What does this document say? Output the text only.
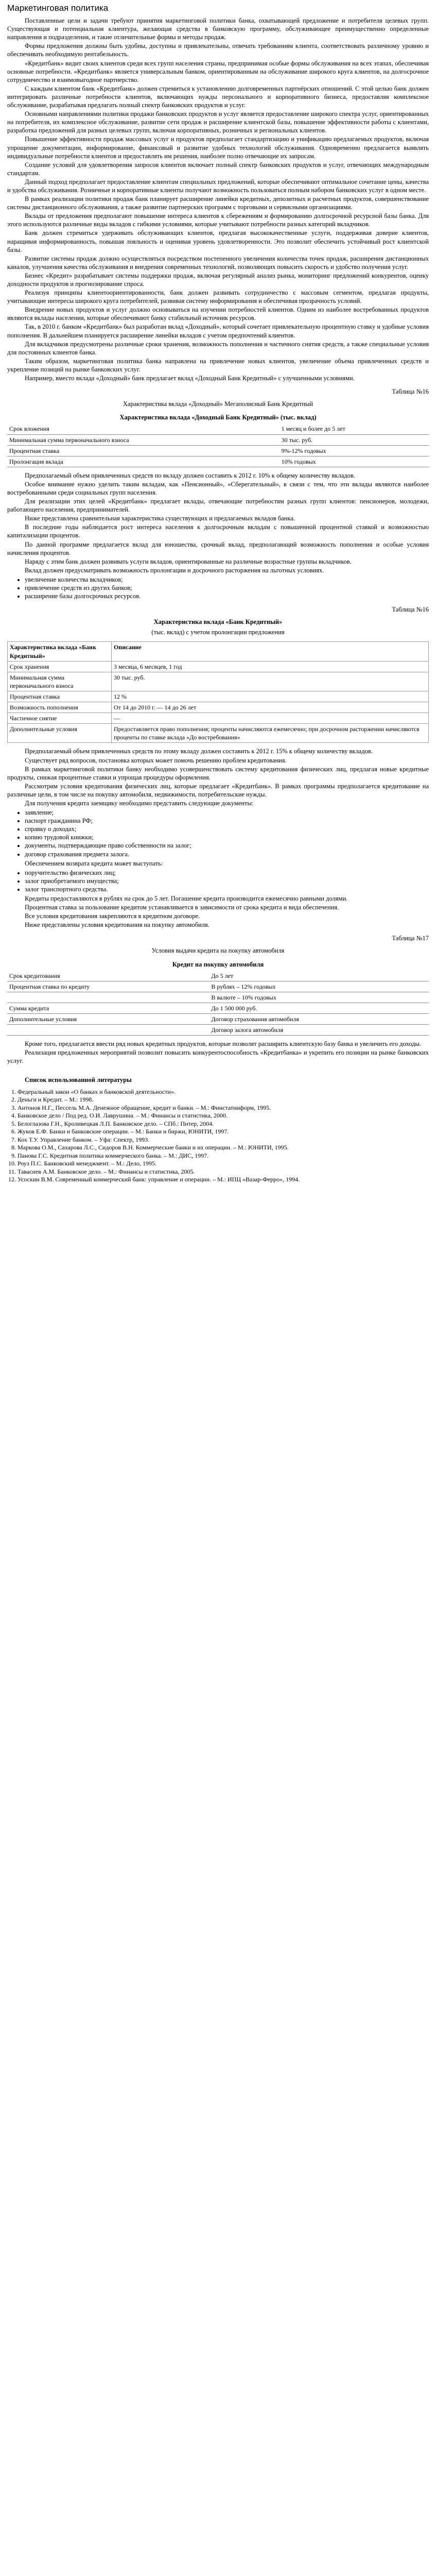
Маркетинговая политика

Поставленные цели и задачи требуют принятия маркетинговой политики банка, охватывающей предложение и потребителя целевых групп. Существующая и потенциальная клиентура, желающая средства в банковскую программу, обслуживающее преимущественно определенные направления и подразделения, и такие отличительные формы и методы продаж.

Формы предложения должны быть удобны, доступны и привлекательны, отвечать требованиям клиента, соответствовать различному уровню и обеспечивать необходимую рентабельность.

«Кредитбанк» видит своих клиентов среди всех групп населения страны, предпринимая особые формы обслуживания на всех этапах, обеспечивая основные потребности. «Кредитбанк» является универсальным банком, ориентированным на обслуживание широкого круга клиентов, на долгосрочное сотрудничество и взаимовыгодное партнерство.

С каждым клиентом банк «Кредитбанк» должен стремиться к установлению долговременных партнёрских отношений. С этой целью банк должен интегрировать различные потребности клиентов, включающих нужды персонального и корпоративного бизнеса, предоставляя комплексное обслуживание, разрабатывая предлагать полный спектр банковских продуктов и услуг.

Основными направлениями политики продажи банковских продуктов и услуг является предоставление широкого спектра услуг, ориентированных на потребителя, их комплексное обслуживание, развитие сети продаж и расширение клиентской базы, повышение эффективности работы с клиентами, разработка предложений для разных целевых групп, включая корпоративных, розничных и региональных клиентов.

Повышение эффективности продаж массовых услуг и продуктов предполагает стандартизацию и унификацию предлагаемых продуктов, включая упрощение документации, информирование, финансовый и развитие удобных технологий обслуживания. Одновременно предлагается выявлять индивидуальные потребности клиентов и предоставлять им решения, наиболее полно отвечающие их запросам.

Создание условий для удовлетворения запросов клиентов включает полный спектр банковских продуктов и услуг, отвечающих международным стандартам.

Данный подход предполагает предоставление клиентам специальных предложений, которые обеспечивают оптимальное сочетание цены, качества и удобства обслуживания. Розничные и корпоративные клиенты получают возможность пользоваться полным набором банковских услуг в одном месте.

В рамках реализации политики продаж банк планирует расширение линейки кредитных, депозитных и расчетных продуктов, совершенствование системы дистанционного обслуживания, а также развитие партнерских программ с торговыми и сервисными организациями.

Вклады от предложения предполагают повышение интереса клиентов к сбережениям и формированию долгосрочной ресурсной базы банка. Для этого используются различные виды вкладов с гибкими условиями, которые учитывают потребности разных категорий вкладчиков.

Банк должен стремиться удерживать обслуживающих клиентов, предлагая высококачественные услуги, поддерживая доверие клиентов, наращивая информированность, повышая лояльность и оценивая уровень удовлетворенности. Это позволит обеспечить устойчивый рост клиентской базы.

Развитие системы продаж должно осуществляться посредством постепенного увеличения количества точек продаж, расширения дистанционных каналов, улучшения качества обслуживания и внедрения современных технологий, позволяющих повысить скорость и удобство получения услуг.

Бизнес «Кредит» разрабатывает системы поддержки продаж, включая регулярный анализ рынка, мониторинг предложений конкурентов, оценку доходности продуктов и прогнозирование спроса.

Реализуя принципы клиентоориентированности, банк должен развивать сотрудничество с массовым сегментом, предлагая продукты, учитывающие интересы широкого круга потребителей, развивая систему информирования и обеспечивая прозрачность условий.

Внедрение новых продуктов и услуг должно основываться на изучении потребностей клиентов. Одним из наиболее востребованных продуктов являются вклады населения, которые обеспечивают банку стабильный источник ресурсов.

Так, в 2010 г. банком «Кредитбанк» был разработан вклад «Доходный», который сочетает привлекательную процентную ставку и удобные условия пополнения. В дальнейшем планируется расширение линейки вкладов с учетом предпочтений клиентов.

Для вкладчиков предусмотрены различные сроки хранения, возможность пополнения и частичного снятия средств, а также специальные условия для постоянных клиентов банка.

Таким образом, маркетинговая политика банка направлена на привлечение новых клиентов, увеличение объема привлеченных средств и укрепление позиций на рынке банковских услуг.

Например, вместо вклада «Доходный» банк предлагает вклад «Доходный Банк Кредитный» с улучшенными условиями.

Таблица №16

Характеристика вклада «Доходный» Мегаполисный Банк Кредитный

Характеристика вклада «Доходный Банк Кредитный» (тыс. вклад)
Срок вложения	1 месяц и более до 5 лет
Минимальная сумма первоначального взноса	30 тыс. руб.
Процентная ставка	9%-12% годовых
Пролонгация вклада	10% годовых

Предполагаемый объем привлеченных средств по вкладу должен составить к 2012 г. 10% к общему количеству вкладов.

Особое внимание нужно уделить таким вкладам, как «Пенсионный», «Сберегательный», в связи с тем, что эти вклады являются наиболее востребованными среди социальных групп населения.

Для реализации этих целей «Кредитбанк» предлагает вклады, отвечающие потребностям разных групп клиентов: пенсионеров, молодежи, работающего населения, предпринимателей.

Ниже представлена сравнительная характеристика существующих и предлагаемых вкладов банка.

В последние годы наблюдается рост интереса населения к долгосрочным вкладам с повышенной процентной ставкой и возможностью капитализации процентов.

По данной программе предлагается вклад для юношества, срочный вклад, предполагающий возможность пополнения и особые условия начисления процентов.

Наряду с этим банк должен развивать услуги вкладов, ориентированные на различные возрастные группы вкладчиков.

Вклад должен предусматривать возможность пролонгации и досрочного расторжения на льготных условиях.

• увеличение количества вкладчиков;
• привлечение средств из других банков;
• расширение базы долгосрочных ресурсов.

Таблица №16

Характеристика вклада «Банк Кредитный»

(тыс. вклад) с учетом пролонгации предложения

Характеристика вклада «Банк Кредитный»	Описание
Срок хранения	3 месяца, 6 месяцев, 1 год
Минимальная сумма первоначального взноса	30 тыс. руб.
Процентная ставка	12 %
Возможность пополнения	От 14 до 2010 г. — 14 до 26 лет
Частичное снятие	—
Дополнительные условия	Предоставляется право пополнения; проценты начисляются ежемесячно; при досрочном расторжении начисляются проценты по ставке вклада «До востребования»

Предполагаемый объем привлеченных средств по этому вкладу должен составить к 2012 г. 15% к общему количеству вкладов.

Существует ряд вопросов, постановка которых может помочь решению проблем кредитования.

В рамках маркетинговой политики банку необходимо усовершенствовать систему кредитования физических лиц, предлагая новые кредитные продукты, снижая процентные ставки и упрощая процедуры оформления.

Рассмотрим условия кредитования физических лиц, которые предлагает «Кредитбанк». В рамках программы предполагается кредитование на различные цели, в том числе на покупку автомобиля, недвижимости, потребительские нужды.

Для получения кредита заемщику необходимо представить следующие документы:

• заявление;
• паспорт гражданина РФ;
• справку о доходах;
• копию трудовой книжки;
• документы, подтверждающие право собственности на залог;
• договор страхования предмета залога.

Обеспечением возврата кредита может выступать:

• поручительство физических лиц;
• залог приобретаемого имущества;
• залог транспортного средства.

Кредиты предоставляются в рублях на срок до 5 лет. Погашение кредита производится ежемесячно равными долями.

Процентная ставка за пользование кредитом устанавливается в зависимости от срока кредита и вида обеспечения.

Все условия кредитования закрепляются в кредитном договоре.

Ниже представлены условия кредитования на покупку автомобиля.

Таблица №17

Условия выдачи кредита на покупку автомобиля

Кредит на покупку автомобиля
Срок кредитования	До 5 лет
Процентная ставка по кредиту	В рублях – 12% годовых
	В валюте – 10% годовых
Сумма кредита	До 1 500 000 руб.
Дополнительные условия	Договор страхования автомобиля
	Договор залога автомобиля

Кроме того, предлагается ввести ряд новых кредитных продуктов, которые позволят расширить клиентскую базу банка и увеличить его доходы.

Реализация предложенных мероприятий позволит повысить конкурентоспособность «Кредитбанка» и укрепить его позиции на рынке банковских услуг.

Список использованной литературы

1. Федеральный закон «О банках и банковской деятельности».
2. Деньги и Кредит. – М.: 1998.
3. Антонов Н.Г., Пессель М.А. Денежное обращение, кредит и банки. – М.: Финстатинформ, 1995.
4. Банковское дело / Под ред. О.И. Лаврушина. – М.: Финансы и статистика, 2000.
5. Белоглазова Г.Н., Кроливецкая Л.П. Банковское дело. – СПб.: Питер, 2004.
6. Жуков Е.Ф. Банки и банковские операции. – М.: Банки и биржи, ЮНИТИ, 1997.
7. Кох Т.У. Управление банком. – Уфа: Спектр, 1993.
8. Маркова О.М., Сахарова Л.С., Сидоров В.Н. Коммерческие банки и их операции. – М.: ЮНИТИ, 1995.
9. Панова Г.С. Кредитная политика коммерческого банка. – М.: ДИС, 1997.
10. Роуз П.С. Банковский менеджмент. – М.: Дело, 1995.
11. Тавасиев А.М. Банковское дело. – М.: Финансы и статистика, 2005.
12. Усоскин В.М. Современный коммерческий банк: управление и операции. – М.: ИПЦ «Вазар-Ферро», 1994.
